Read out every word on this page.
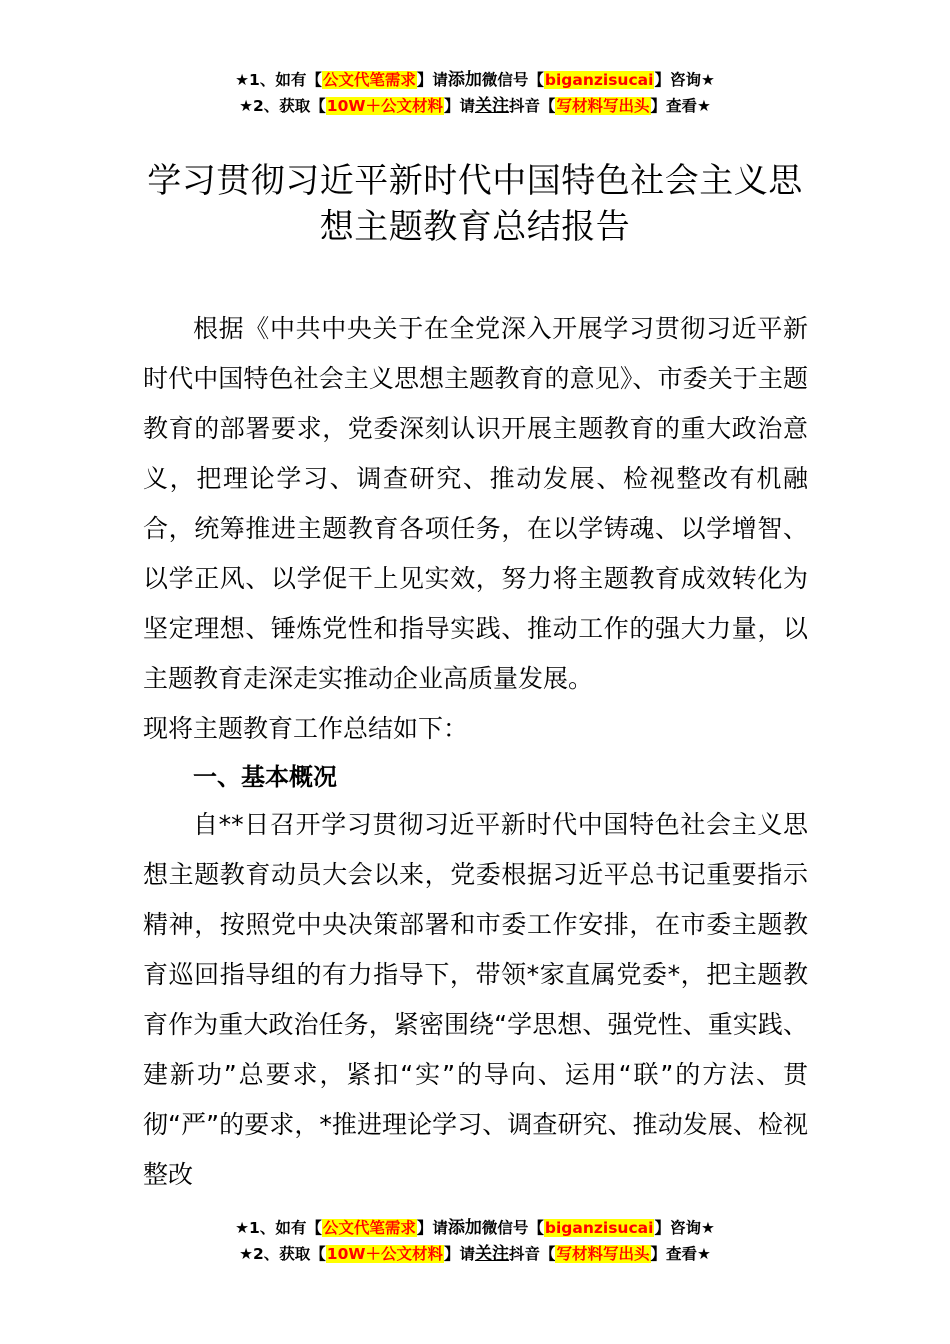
★1、如有【公文代笔需求】请添加微信号【biganzisucai】咨询★
★2、获取【10W＋公文材料】请关注抖音【写材料写出头】查看★
学习贯彻习近平新时代中国特色社会主义思
想主题教育总结报告

根据《中共中央关于在全党深入开展学习贯彻习近平新时代中国特色社会主义思想主题教育的意见》、市委关于主题教育的部署要求，党委深刻认识开展主题教育的重大政治意义，把理论学习、调查研究、推动发展、检视整改有机融合，统筹推进主题教育各项任务，在以学铸魂、以学增智、以学正风、以学促干上见实效，努力将主题教育成效转化为坚定理想、锤炼党性和指导实践、推动工作的强大力量，以主题教育走深走实推动企业高质量发展。

现将主题教育工作总结如下：
一、基本概况

自**日召开学习贯彻习近平新时代中国特色社会主义思想主题教育动员大会以来，党委根据习近平总书记重要指示精神，按照党中央决策部署和市委工作安排，在市委主题教育巡回指导组的有力指导下，带领*家直属党委*，把主题教育作为重大政治任务，紧密围绕“学思想、强党性、重实践、建新功”总要求，紧扣“实”的导向、运用“联”的方法、贯彻“严”的要求，*推进理论学习、调查研究、推动发展、检视整改

★1、如有【公文代笔需求】请添加微信号【biganzisucai】咨询★
★2、获取【10W＋公文材料】请关注抖音【写材料写出头】查看★
